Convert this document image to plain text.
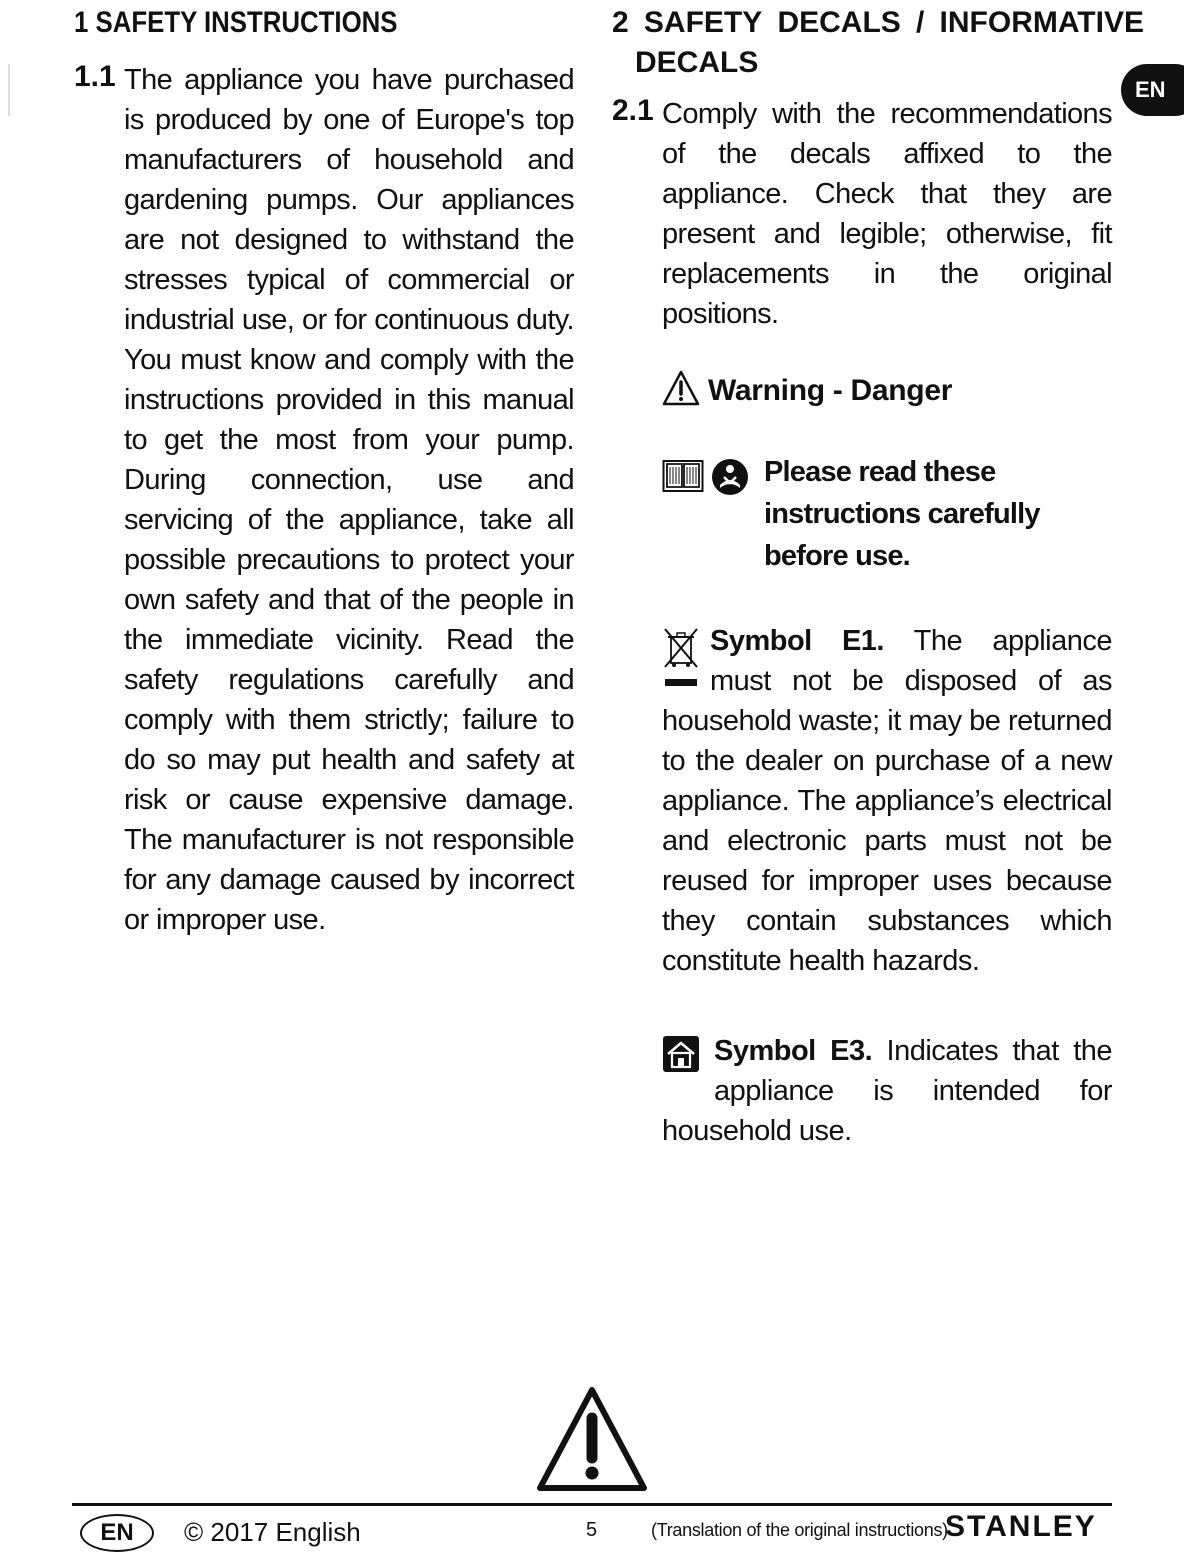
EN
1 SAFETY INSTRUCTIONS
1.1 The appliance you have purchased is produced by one of Europe's top manufacturers of household and gardening pumps. Our appliances are not designed to withstand the stresses typical of commercial or industrial use, or for continuous duty. You must know and comply with the instructions provided in this manual to get the most from your pump. During connection, use and servicing of the appliance, take all possible precautions to protect your own safety and that of the people in the immediate vicinity. Read the safety regulations carefully and comply with them strictly; failure to do so may put health and safety at risk or cause expensive damage. The manufacturer is not responsible for any damage caused by incorrect or improper use.
2 SAFETY DECALS / INFORMATIVE
DECALS
2.1 Comply with the recommendations of the decals affixed to the appliance. Check that they are present and legible; otherwise, fit replacements in the original positions.
Warning - Danger
Please read these instructions carefully before use.
Symbol E1. The appliance must not be disposed of as household waste; it may be returned to the dealer on purchase of a new appliance. The appliance’s electrical and electronic parts must not be reused for improper uses because they contain substances which constitute health hazards.
Symbol E3. Indicates that the appliance is intended for household use.
EN	© 2017 English	5	(Translation of the original instructions)
STANLEY
